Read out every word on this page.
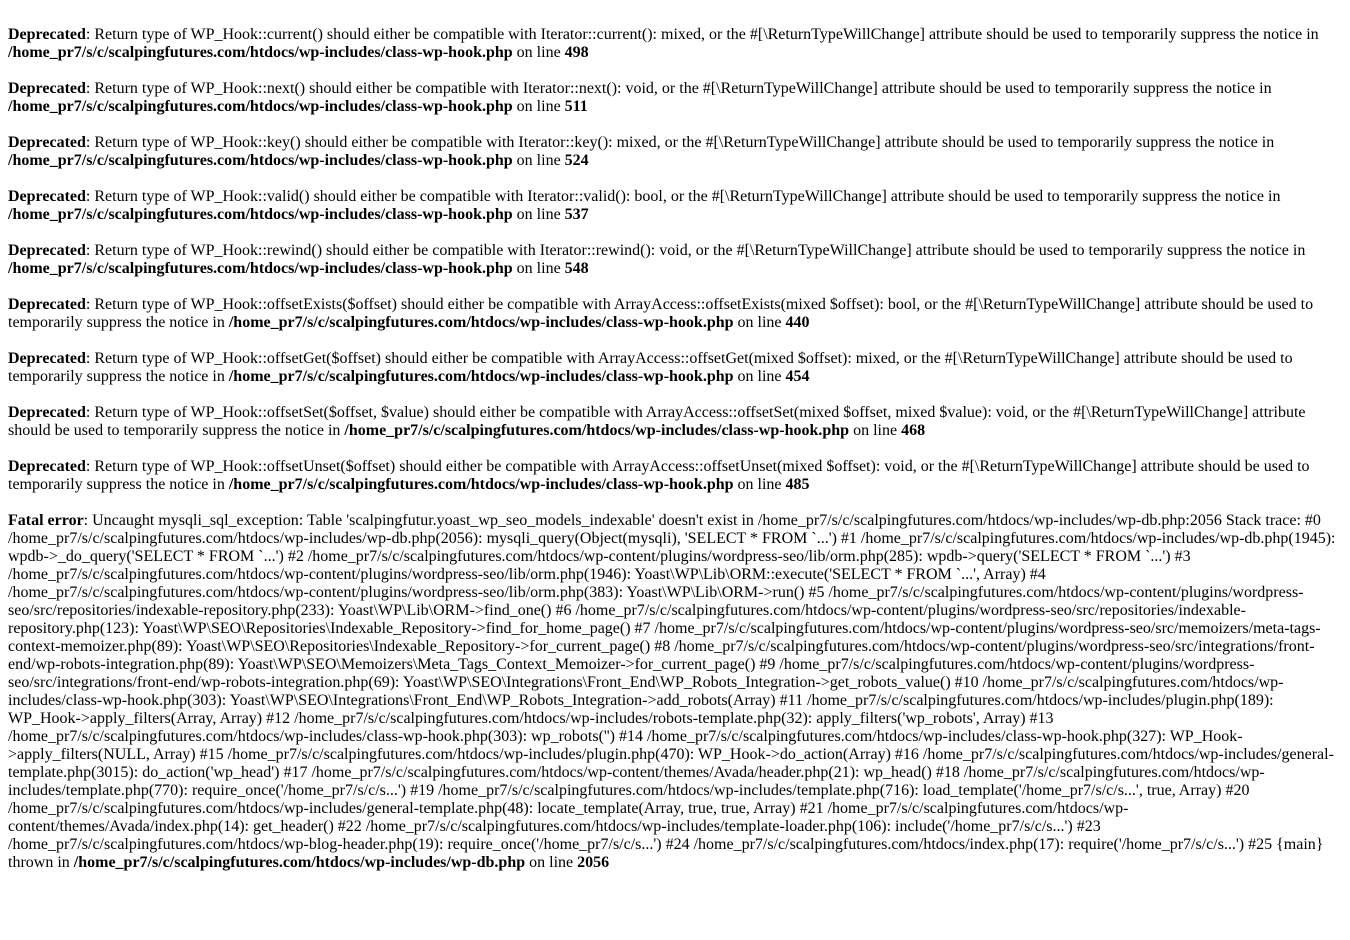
Deprecated: Return type of WP_Hook::current() should either be compatible with Iterator::current(): mixed, or the #[\ReturnTypeWillChange] attribute should be used to temporarily suppress the notice in /home_pr7/s/c/scalpingfutures.com/htdocs/wp-includes/class-wp-hook.php on line 498

Deprecated: Return type of WP_Hook::next() should either be compatible with Iterator::next(): void, or the #[\ReturnTypeWillChange] attribute should be used to temporarily suppress the notice in /home_pr7/s/c/scalpingfutures.com/htdocs/wp-includes/class-wp-hook.php on line 511

Deprecated: Return type of WP_Hook::key() should either be compatible with Iterator::key(): mixed, or the #[\ReturnTypeWillChange] attribute should be used to temporarily suppress the notice in /home_pr7/s/c/scalpingfutures.com/htdocs/wp-includes/class-wp-hook.php on line 524

Deprecated: Return type of WP_Hook::valid() should either be compatible with Iterator::valid(): bool, or the #[\ReturnTypeWillChange] attribute should be used to temporarily suppress the notice in /home_pr7/s/c/scalpingfutures.com/htdocs/wp-includes/class-wp-hook.php on line 537

Deprecated: Return type of WP_Hook::rewind() should either be compatible with Iterator::rewind(): void, or the #[\ReturnTypeWillChange] attribute should be used to temporarily suppress the notice in /home_pr7/s/c/scalpingfutures.com/htdocs/wp-includes/class-wp-hook.php on line 548

Deprecated: Return type of WP_Hook::offsetExists($offset) should either be compatible with ArrayAccess::offsetExists(mixed $offset): bool, or the #[\ReturnTypeWillChange] attribute should be used to temporarily suppress the notice in /home_pr7/s/c/scalpingfutures.com/htdocs/wp-includes/class-wp-hook.php on line 440

Deprecated: Return type of WP_Hook::offsetGet($offset) should either be compatible with ArrayAccess::offsetGet(mixed $offset): mixed, or the #[\ReturnTypeWillChange] attribute should be used to temporarily suppress the notice in /home_pr7/s/c/scalpingfutures.com/htdocs/wp-includes/class-wp-hook.php on line 454

Deprecated: Return type of WP_Hook::offsetSet($offset, $value) should either be compatible with ArrayAccess::offsetSet(mixed $offset, mixed $value): void, or the #[\ReturnTypeWillChange] attribute should be used to temporarily suppress the notice in /home_pr7/s/c/scalpingfutures.com/htdocs/wp-includes/class-wp-hook.php on line 468

Deprecated: Return type of WP_Hook::offsetUnset($offset) should either be compatible with ArrayAccess::offsetUnset(mixed $offset): void, or the #[\ReturnTypeWillChange] attribute should be used to temporarily suppress the notice in /home_pr7/s/c/scalpingfutures.com/htdocs/wp-includes/class-wp-hook.php on line 485

Fatal error: Uncaught mysqli_sql_exception: Table 'scalpingfutur.yoast_wp_seo_models_indexable' doesn't exist in /home_pr7/s/c/scalpingfutures.com/htdocs/wp-includes/wp-db.php:2056 Stack trace: #0 /home_pr7/s/c/scalpingfutures.com/htdocs/wp-includes/wp-db.php(2056): mysqli_query(Object(mysqli), 'SELECT * FROM `...') #1 /home_pr7/s/c/scalpingfutures.com/htdocs/wp-includes/wp-db.php(1945): wpdb->_do_query('SELECT * FROM `...') #2 /home_pr7/s/c/scalpingfutures.com/htdocs/wp-content/plugins/wordpress-seo/lib/orm.php(285): wpdb->query('SELECT * FROM `...') #3 /home_pr7/s/c/scalpingfutures.com/htdocs/wp-content/plugins/wordpress-seo/lib/orm.php(1946): Yoast\WP\Lib\ORM::execute('SELECT * FROM `...', Array) #4 /home_pr7/s/c/scalpingfutures.com/htdocs/wp-content/plugins/wordpress-seo/lib/orm.php(383): Yoast\WP\Lib\ORM->run() #5 /home_pr7/s/c/scalpingfutures.com/htdocs/wp-content/plugins/wordpress-seo/src/repositories/indexable-repository.php(233): Yoast\WP\Lib\ORM->find_one() #6 /home_pr7/s/c/scalpingfutures.com/htdocs/wp-content/plugins/wordpress-seo/src/repositories/indexable-repository.php(123): Yoast\WP\SEO\Repositories\Indexable_Repository->find_for_home_page() #7 /home_pr7/s/c/scalpingfutures.com/htdocs/wp-content/plugins/wordpress-seo/src/memoizers/meta-tags-context-memoizer.php(89): Yoast\WP\SEO\Repositories\Indexable_Repository->for_current_page() #8 /home_pr7/s/c/scalpingfutures.com/htdocs/wp-content/plugins/wordpress-seo/src/integrations/front-end/wp-robots-integration.php(89): Yoast\WP\SEO\Memoizers\Meta_Tags_Context_Memoizer->for_current_page() #9 /home_pr7/s/c/scalpingfutures.com/htdocs/wp-content/plugins/wordpress-seo/src/integrations/front-end/wp-robots-integration.php(69): Yoast\WP\SEO\Integrations\Front_End\WP_Robots_Integration->get_robots_value() #10 /home_pr7/s/c/scalpingfutures.com/htdocs/wp-includes/class-wp-hook.php(303): Yoast\WP\SEO\Integrations\Front_End\WP_Robots_Integration->add_robots(Array) #11 /home_pr7/s/c/scalpingfutures.com/htdocs/wp-includes/plugin.php(189): WP_Hook->apply_filters(Array, Array) #12 /home_pr7/s/c/scalpingfutures.com/htdocs/wp-includes/robots-template.php(32): apply_filters('wp_robots', Array) #13 /home_pr7/s/c/scalpingfutures.com/htdocs/wp-includes/class-wp-hook.php(303): wp_robots('') #14 /home_pr7/s/c/scalpingfutures.com/htdocs/wp-includes/class-wp-hook.php(327): WP_Hook->apply_filters(NULL, Array) #15 /home_pr7/s/c/scalpingfutures.com/htdocs/wp-includes/plugin.php(470): WP_Hook->do_action(Array) #16 /home_pr7/s/c/scalpingfutures.com/htdocs/wp-includes/general-template.php(3015): do_action('wp_head') #17 /home_pr7/s/c/scalpingfutures.com/htdocs/wp-content/themes/Avada/header.php(21): wp_head() #18 /home_pr7/s/c/scalpingfutures.com/htdocs/wp-includes/template.php(770): require_once('/home_pr7/s/c/s...') #19 /home_pr7/s/c/scalpingfutures.com/htdocs/wp-includes/template.php(716): load_template('/home_pr7/s/c/s...', true, Array) #20 /home_pr7/s/c/scalpingfutures.com/htdocs/wp-includes/general-template.php(48): locate_template(Array, true, true, Array) #21 /home_pr7/s/c/scalpingfutures.com/htdocs/wp-content/themes/Avada/index.php(14): get_header() #22 /home_pr7/s/c/scalpingfutures.com/htdocs/wp-includes/template-loader.php(106): include('/home_pr7/s/c/s...') #23 /home_pr7/s/c/scalpingfutures.com/htdocs/wp-blog-header.php(19): require_once('/home_pr7/s/c/s...') #24 /home_pr7/s/c/scalpingfutures.com/htdocs/index.php(17): require('/home_pr7/s/c/s...') #25 {main} thrown in /home_pr7/s/c/scalpingfutures.com/htdocs/wp-includes/wp-db.php on line 2056
